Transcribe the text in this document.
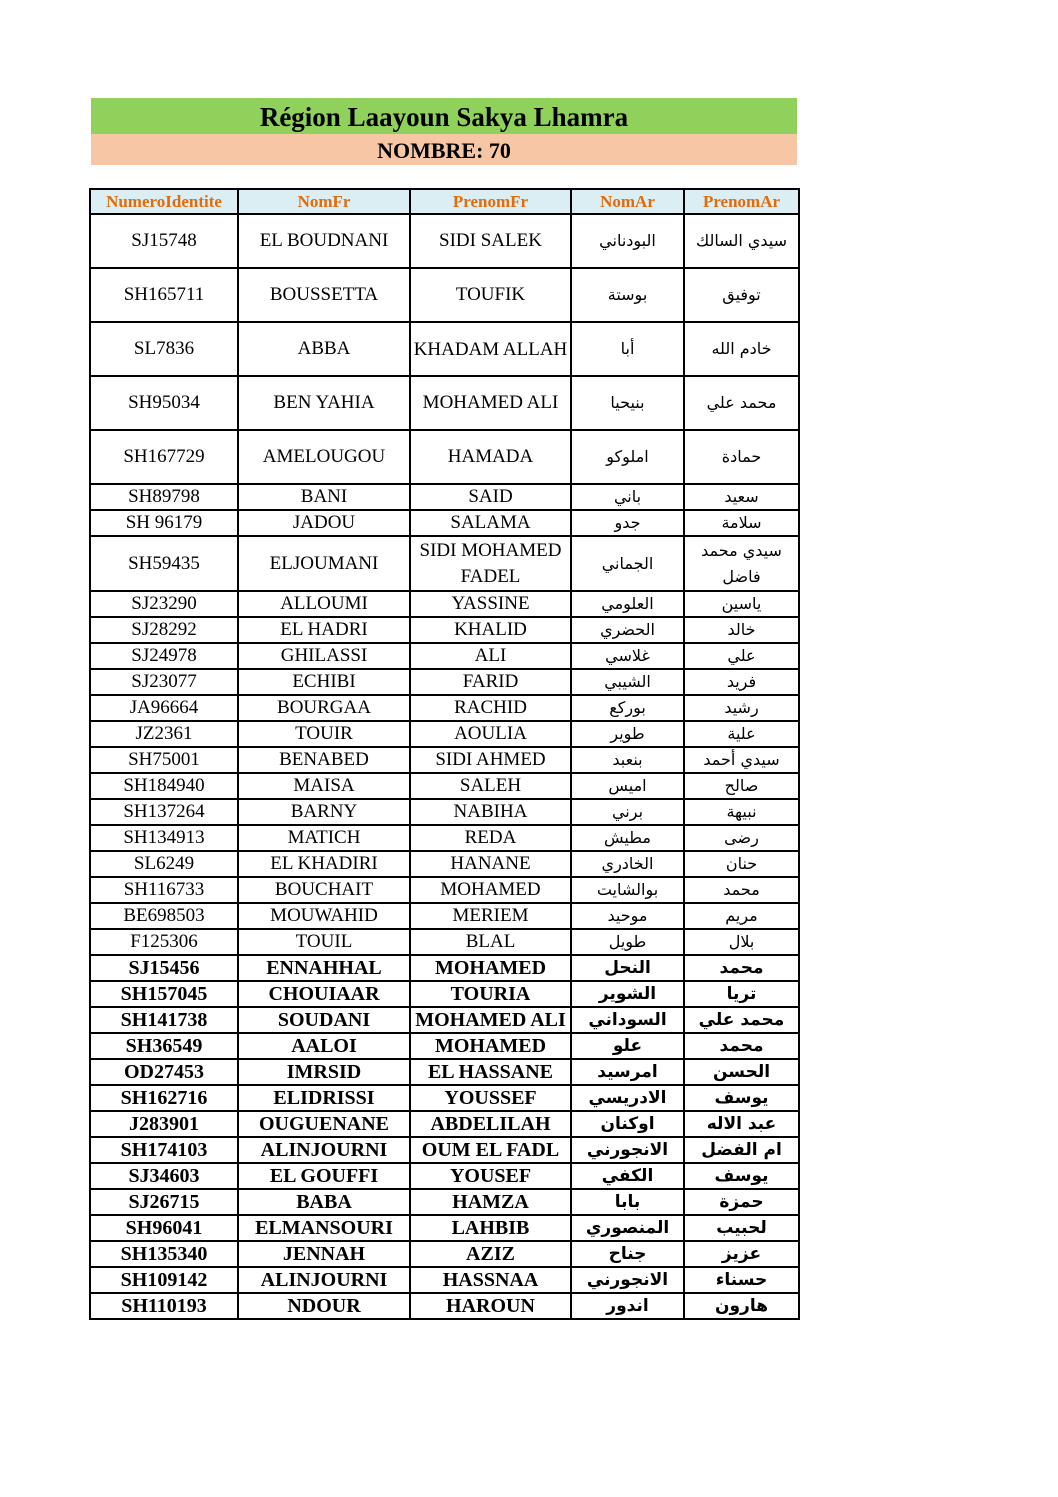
Région Laayoun Sakya Lhamra
NOMBRE: 70
NumeroIdentite	NomFr	PrenomFr	NomAr	PrenomAr
SJ15748	EL BOUDNANI	SIDI SALEK	البودناني	سيدي السالك
SH165711	BOUSSETTA	TOUFIK	بوستة	توفيق
SL7836	ABBA	KHADAM ALLAH	أبا	خادم الله
SH95034	BEN YAHIA	MOHAMED ALI	بنيحيا	محمد علي
SH167729	AMELOUGOU	HAMADA	املوكو	حمادة
SH89798	BANI	SAID	باني	سعيد
SH 96179	JADOU	SALAMA	جدو	سلامة
SH59435	ELJOUMANI	SIDI MOHAMED FADEL	الجماني	سيدي محمد فاضل
SJ23290	ALLOUMI	YASSINE	العلومي	ياسين
SJ28292	EL HADRI	KHALID	الحضري	خالد
SJ24978	GHILASSI	ALI	غلاسي	علي
SJ23077	ECHIBI	FARID	الشيبي	فريد
JA96664	BOURGAA	RACHID	بوركع	رشيد
JZ2361	TOUIR	AOULIA	طوير	علية
SH75001	BENABED	SIDI AHMED	بنعبد	سيدي أحمد
SH184940	MAISA	SALEH	اميس	صالح
SH137264	BARNY	NABIHA	برني	نبيهة
SH134913	MATICH	REDA	مطيش	رضى
SL6249	EL KHADIRI	HANANE	الخادري	حنان
SH116733	BOUCHAIT	MOHAMED	بوالشايت	محمد
BE698503	MOUWAHID	MERIEM	موحيد	مريم
F125306	TOUIL	BLAL	طويل	بلال
SJ15456	ENNAHHAL	MOHAMED	النحل	محمد
SH157045	CHOUIAAR	TOURIA	الشوير	تريا
SH141738	SOUDANI	MOHAMED ALI	السوداني	محمد علي
SH36549	AALOI	MOHAMED	علو	محمد
OD27453	IMRSID	EL HASSANE	امرسيد	الحسن
SH162716	ELIDRISSI	YOUSSEF	الادريسي	يوسف
J283901	OUGUENANE	ABDELILAH	اوكنان	عبد الاله
SH174103	ALINJOURNI	OUM EL FADL	الانجورني	ام الفضل
SJ34603	EL GOUFFI	YOUSEF	الكفي	يوسف
SJ26715	BABA	HAMZA	بابا	حمزة
SH96041	ELMANSOURI	LAHBIB	المنصوري	لحبيب
SH135340	JENNAH	AZIZ	جناح	عزيز
SH109142	ALINJOURNI	HASSNAA	الانجورني	حسناء
SH110193	NDOUR	HAROUN	اندور	هارون
